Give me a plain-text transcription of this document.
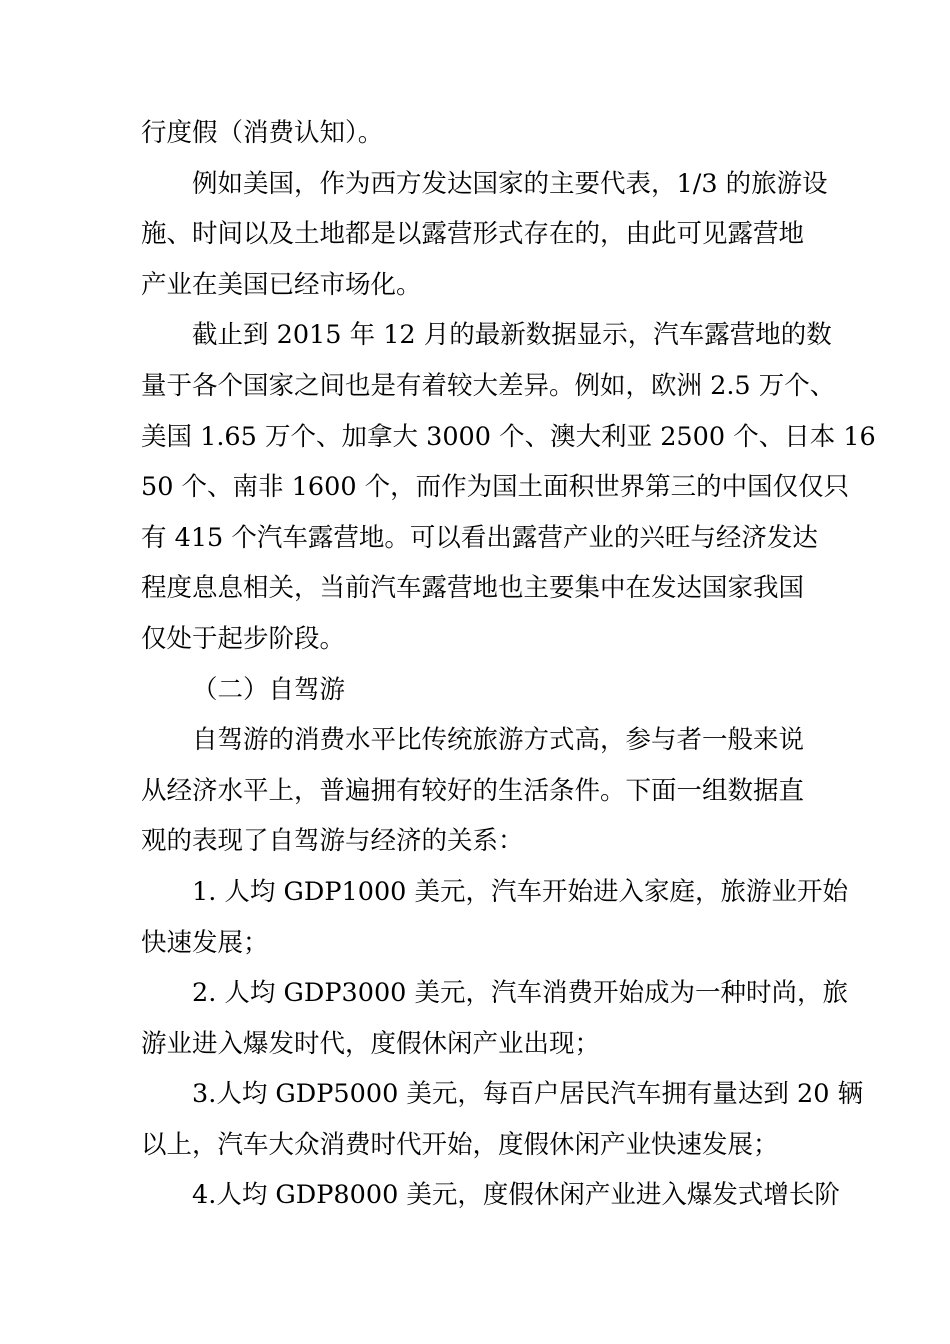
行度假（消费认知）。

例如美国，作为西方发达国家的主要代表，1/3 的旅游设
施、时间以及土地都是以露营形式存在的，由此可见露营地
产业在美国已经市场化。

截止到 2015 年 12 月的最新数据显示，汽车露营地的数
量于各个国家之间也是有着较大差异。例如，欧洲 2.5 万个、
美国 1.65 万个、加拿大 3000 个、澳大利亚 2500 个、日本 16
50 个、南非 1600 个，而作为国土面积世界第三的中国仅仅只
有 415 个汽车露营地。可以看出露营产业的兴旺与经济发达
程度息息相关，当前汽车露营地也主要集中在发达国家我国
仅处于起步阶段。

（二）自驾游

自驾游的消费水平比传统旅游方式高，参与者一般来说
从经济水平上，普遍拥有较好的生活条件。下面一组数据直
观的表现了自驾游与经济的关系：

1. 人均 GDP1000 美元，汽车开始进入家庭，旅游业开始
快速发展；

2. 人均 GDP3000 美元，汽车消费开始成为一种时尚，旅
游业进入爆发时代，度假休闲产业出现；

3.人均 GDP5000 美元，每百户居民汽车拥有量达到 20 辆
以上，汽车大众消费时代开始，度假休闲产业快速发展；

4.人均 GDP8000 美元，度假休闲产业进入爆发式增长阶
